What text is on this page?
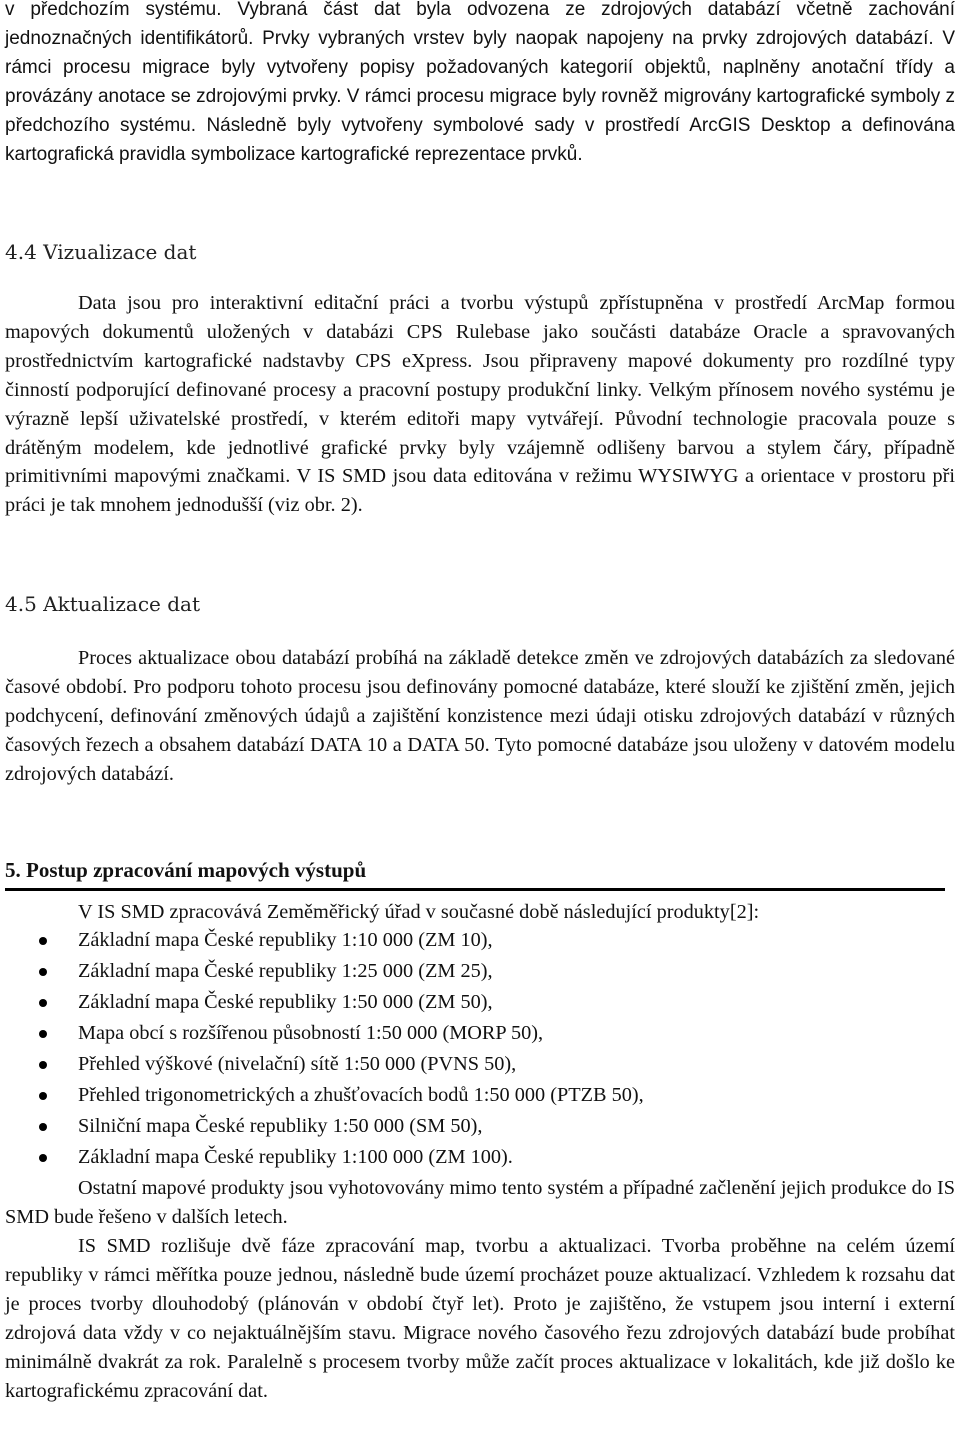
v předchozím systému. Vybraná část dat byla odvozena ze zdrojových databází včetně zachování jednoznačných identifikátorů. Prvky vybraných vrstev byly naopak napojeny na prvky zdrojových databází. V rámci procesu migrace byly vytvořeny popisy požadovaných kategorií objektů, naplněny anotační třídy a provázány anotace se zdrojovými prvky. V rámci procesu migrace byly rovněž migrovány kartografické symboly z předchozího systému. Následně byly vytvořeny symbolové sady v prostředí ArcGIS Desktop a definována kartografická pravidla symbolizace kartografické reprezentace prvků.

4.4 Vizualizace dat

Data jsou pro interaktivní editační práci a tvorbu výstupů zpřístupněna v prostředí ArcMap formou mapových dokumentů uložených v databázi CPS Rulebase jako součásti databáze Oracle a spravovaných prostřednictvím kartografické nadstavby CPS eXpress. Jsou připraveny mapové dokumenty pro rozdílné typy činností podporující definované procesy a pracovní postupy produkční linky. Velkým přínosem nového systému je výrazně lepší uživatelské prostředí, v kterém editoři mapy vytvářejí. Původní technologie pracovala pouze s drátěným modelem, kde jednotlivé grafické prvky byly vzájemně odlišeny barvou a stylem čáry, případně primitivními mapovými značkami. V IS SMD jsou data editována v režimu WYSIWYG a orientace v prostoru při práci je tak mnohem jednodušší (viz obr. 2).

4.5 Aktualizace dat

Proces aktualizace obou databází probíhá na základě detekce změn ve zdrojových databázích za sledované časové období. Pro podporu tohoto procesu jsou definovány pomocné databáze, které slouží ke zjištění změn, jejich podchycení, definování změnových údajů a zajištění konzistence mezi údaji otisku zdrojových databází v různých časových řezech a obsahem databází DATA 10 a DATA 50. Tyto pomocné databáze jsou uloženy v datovém modelu zdrojových databází.

5. Postup zpracování mapových výstupů

V IS SMD zpracovává Zeměměřický úřad v současné době následující produkty[2]:

Základní mapa České republiky 1:10 000 (ZM 10),
Základní mapa České republiky 1:25 000 (ZM 25),
Základní mapa České republiky 1:50 000 (ZM 50),
Mapa obcí s rozšířenou působností 1:50 000 (MORP 50),
Přehled výškové (nivelační) sítě 1:50 000 (PVNS 50),
Přehled trigonometrických a zhušťovacích bodů 1:50 000 (PTZB 50),
Silniční mapa České republiky 1:50 000 (SM 50),
Základní mapa České republiky 1:100 000 (ZM 100).

Ostatní mapové produkty jsou vyhotovovány mimo tento systém a případné začlenění jejich produkce do IS SMD bude řešeno v dalších letech.

IS SMD rozlišuje dvě fáze zpracování map, tvorbu a aktualizaci. Tvorba proběhne na celém území republiky v rámci měřítka pouze jednou, následně bude území procházet pouze aktualizací. Vzhledem k rozsahu dat je proces tvorby dlouhodobý (plánován v období čtyř let). Proto je zajištěno, že vstupem jsou interní i externí zdrojová data vždy v co nejaktuálnějším stavu. Migrace nového časového řezu zdrojových databází bude probíhat minimálně dvakrát za rok. Paralelně s procesem tvorby může začít proces aktualizace v lokalitách, kde již došlo ke kartografickému zpracování dat.
